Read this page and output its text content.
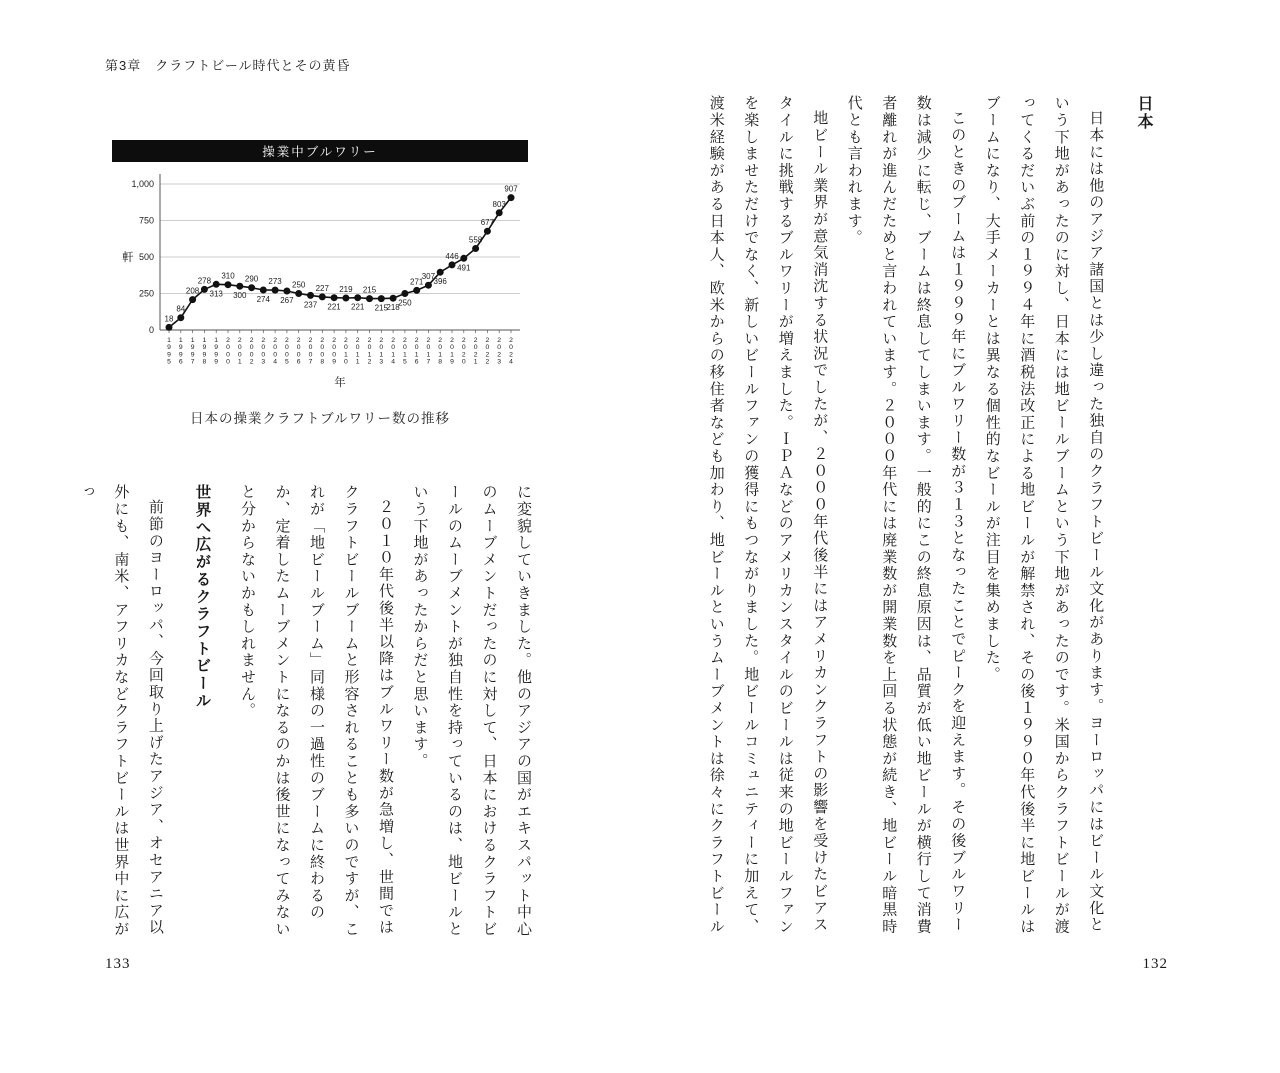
第3章　クラフトビール時代とその黄昏
操業中ブルワリー
0
250
500
750
1,000
軒
18
84
208
278
313
310
300
290
274
273
267
250
237
227
221
219
221
215
215
218
250
271
307
396
446
491
558
677
803
907
1
9
9
5
1
9
9
6
1
9
9
7
1
9
9
8
1
9
9
9
2
0
0
0
2
0
0
1
2
0
0
2
2
0
0
3
2
0
0
4
2
0
0
5
2
0
0
6
2
0
0
7
2
0
0
8
2
0
0
9
2
0
1
0
2
0
1
1
2
0
1
2
2
0
1
3
2
0
1
4
2
0
1
5
2
0
1
6
2
0
1
7
2
0
1
8
2
0
1
9
2
0
2
0
2
0
2
1
2
0
2
2
2
0
2
3
2
0
2
4
年
日本の操業クラフトブルワリー数の推移

に変貌していきました。他のアジアの国がエキスパット中心のムーブメントだったのに対して、日本におけるクラフトビールのムーブメントが独自性を持っているのは、地ビールという下地があったからだと思います。

２０１０年代後半以降はブルワリー数が急増し、世間ではクラフトビールブームと形容されることも多いのですが、これが「地ビールブーム」同様の一過性のブームに終わるのか、定着したムーブメントになるのかは後世になってみないと分からないかもしれません。

世界へ広がるクラフトビール

前節のヨーロッパ、今回取り上げたアジア、オセアニア以外にも、南米、アフリカなどクラフトビールは世界中に広がっ

133
日本

日本には他のアジア諸国とは少し違った独自のクラフトビール文化があります。ヨーロッパにはビール文化という下地があったのに対し、日本には地ビールブームという下地があったのです。米国からクラフトビールが渡ってくるだいぶ前の１９９４年に酒税法改正による地ビールが解禁され、その後１９９０年代後半に地ビールはブームになり、大手メーカーとは異なる個性的なビールが注目を集めました。

このときのブームは１９９９年にブルワリー数が３１３となったことでピークを迎えます。その後ブルワリー数は減少に転じ、ブームは終息してしまいます。一般的にこの終息原因は、品質が低い地ビールが横行して消費者離れが進んだためと言われています。２０００年代には廃業数が開業数を上回る状態が続き、地ビール暗黒時代とも言われます。

地ビール業界が意気消沈する状況でしたが、２０００年代後半にはアメリカンクラフトの影響を受けたビアスタイルに挑戦するブルワリーが増えました。ＩＰＡなどのアメリカンスタイルのビールは従来の地ビールファンを楽しませただけでなく、新しいビールファンの獲得にもつながりました。地ビールコミュニティーに加えて、渡米経験がある日本人、欧米からの移住者なども加わり、地ビールというムーブメントは徐々にクラフトビール

132
